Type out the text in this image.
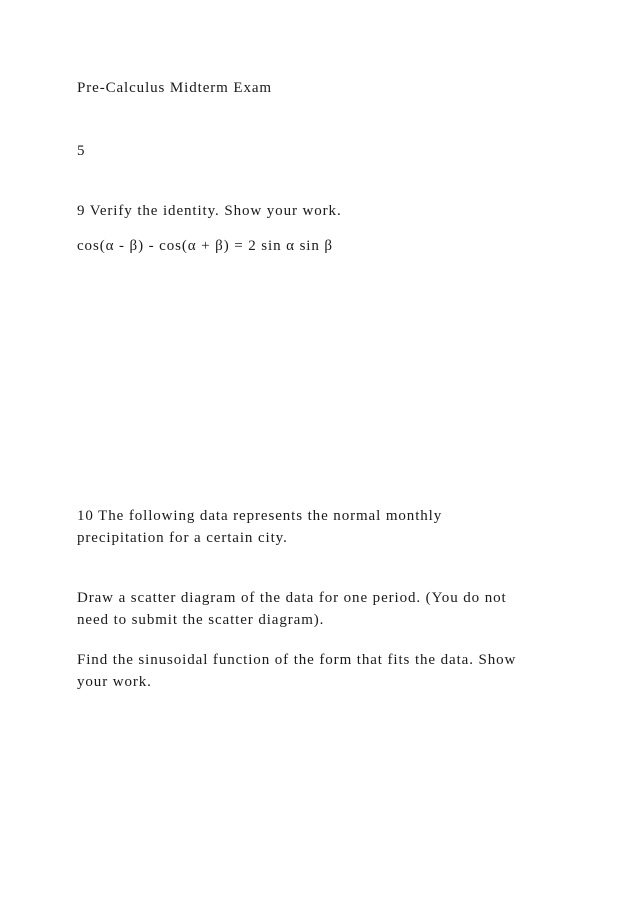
Pre-Calculus Midterm Exam
5
9 Verify the identity. Show your work.
cos(α - β) - cos(α + β) = 2 sin α sin β
10 The following data represents the normal monthly
precipitation for a certain city.
Draw a scatter diagram of the data for one period. (You do not
need to submit the scatter diagram).
Find the sinusoidal function of the form that fits the data. Show
your work.
